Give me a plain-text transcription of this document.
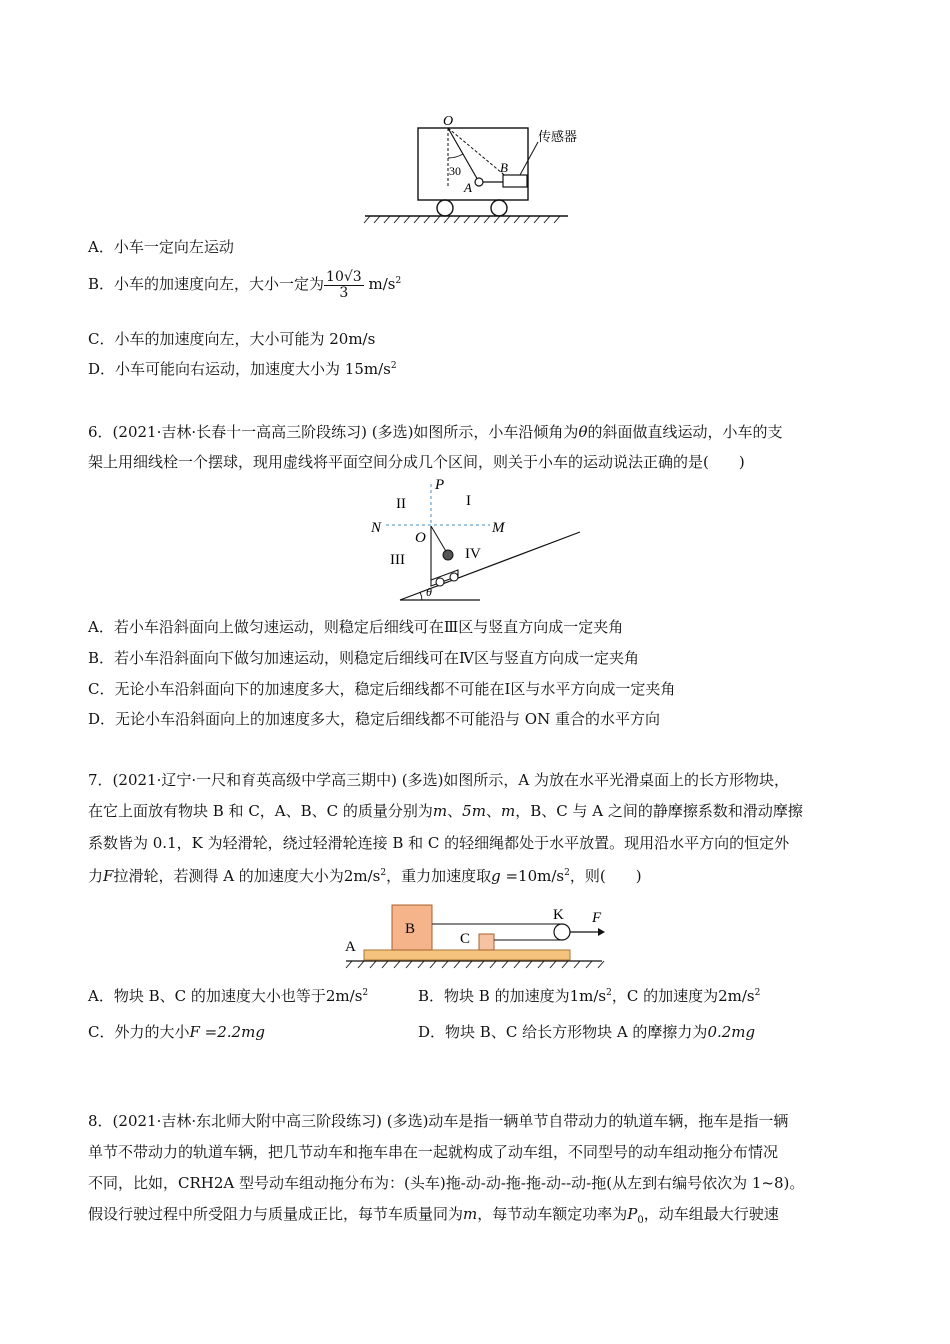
O
30
A
B
传感器
A．小车一定向左运动
B．小车的加速度向左，大小一定为 $\frac{10√3}{3} m/s^2$
C．小车的加速度向左，大小可能为 20m/s
D．小车可能向右运动，加速度大小为 $15m/s^2$
6．(2021·吉林·长春十一高高三阶段练习) (多选)如图所示，小车沿倾角为θ的斜面做直线运动，小车的支
架上用细线栓一个摆球，现用虚线将平面空间分成几个区间，则关于小车的运动说法正确的是(　　)
P
II	I
N	M
O
III	IV
θ
A．若小车沿斜面向上做匀速运动，则稳定后细线可在Ⅲ区与竖直方向成一定夹角
B．若小车沿斜面向下做匀加速运动，则稳定后细线可在Ⅳ区与竖直方向成一定夹角
C．无论小车沿斜面向下的加速度多大，稳定后细线都不可能在Ⅰ区与水平方向成一定夹角
D．无论小车沿斜面向上的加速度多大，稳定后细线都不可能沿与 ON 重合的水平方向
7．(2021·辽宁·一尺和育英高级中学高三期中) (多选)如图所示，A 为放在水平光滑桌面上的长方形物块，
在它上面放有物块 B 和 C，A、B、C 的质量分别为m、5m、m，B、C 与 A 之间的静摩擦系数和滑动摩擦
系数皆为 0.1，K 为轻滑轮，绕过轻滑轮连接 B 和 C 的轻细绳都处于水平放置。现用沿水平方向的恒定外
力F拉滑轮，若测得 A 的加速度大小为$2m/s^2$，重力加速度取$g =10m/s^2$，则(　　)
B
C
A
K F
A．物块 B、C 的加速度大小也等于$2m/s^2$	B．物块 B 的加速度为$1m/s^2$，C 的加速度为$2m/s^2$
C．外力的大小F =2.2mg	D．物块 B、C 给长方形物块 A 的摩擦力为0.2mg
8．(2021·吉林·东北师大附中高三阶段练习) (多选)动车是指一辆单节自带动力的轨道车辆，拖车是指一辆
单节不带动力的轨道车辆，把几节动车和拖车串在一起就构成了动车组，不同型号的动车组动拖分布情况
不同，比如，CRH2A 型号动车组动拖分布为：(头车)拖-动-动-拖-拖-动--动-拖(从左到右编号依次为 1~8)。
假设行驶过程中所受阻力与质量成正比，每节车质量同为m，每节动车额定功率为$P_0$，动车组最大行驶速
